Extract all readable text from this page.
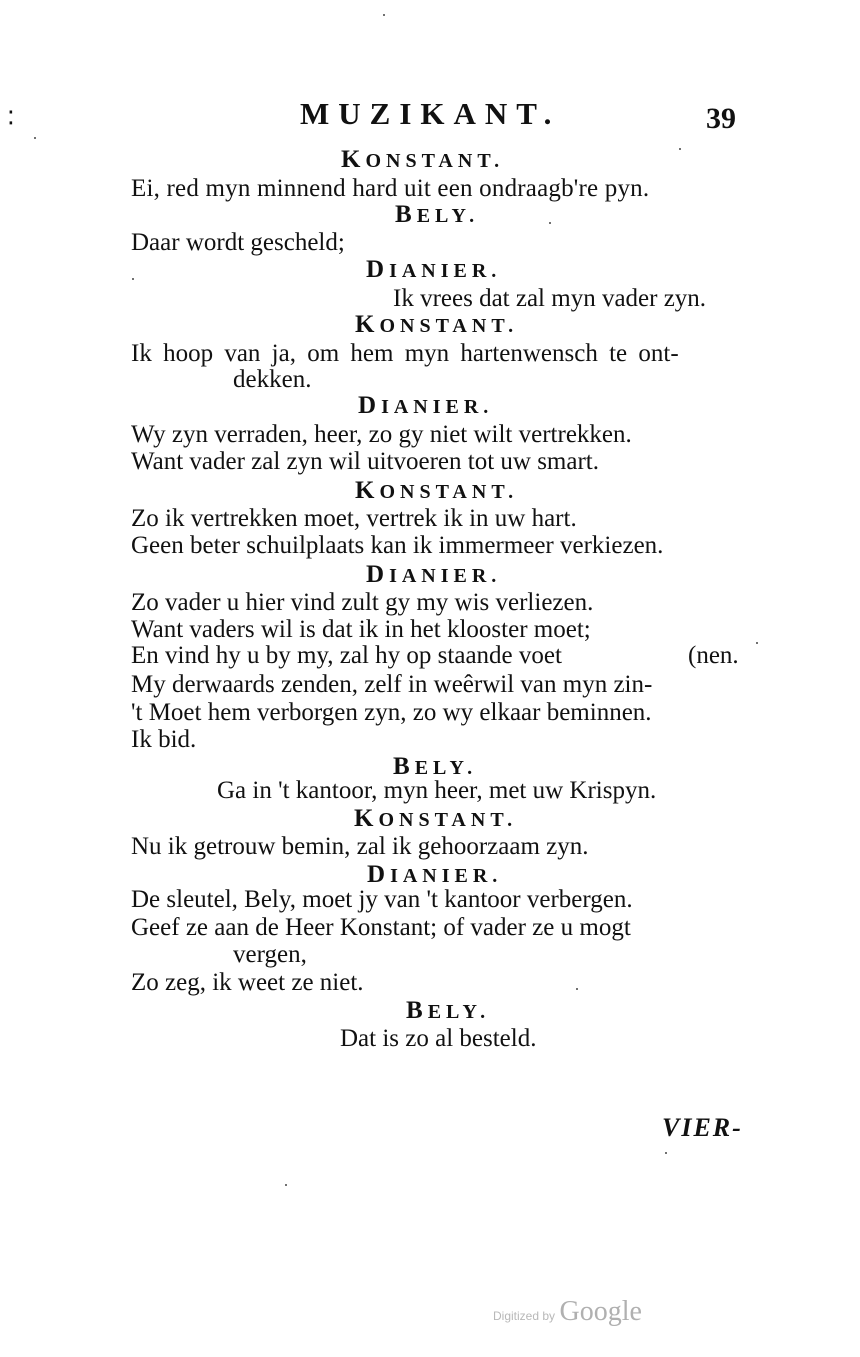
⁚	MUZIKANT.	39
KONSTANT.
Ei, red myn minnend hard uit een ondraagb're pyn.
BELY.
Daar wordt gescheld;
DIANIER.
Ik vrees dat zal myn vader zyn.
KONSTANT.
Ik hoop van ja, om hem myn hartenwensch te ont-
dekken.
DIANIER.
Wy zyn verraden, heer, zo gy niet wilt vertrekken.
Want vader zal zyn wil uitvoeren tot uw smart.
KONSTANT.
Zo ik vertrekken moet, vertrek ik in uw hart.
Geen beter schuilplaats kan ik immermeer verkiezen.
DIANIER.
Zo vader u hier vind zult gy my wis verliezen.
Want vaders wil is dat ik in het klooster moet;
En vind hy u by my, zal hy op staande voet	(nen.
My derwaards zenden, zelf in weêrwil van myn zin-
't Moet hem verborgen zyn, zo wy elkaar beminnen.
Ik bid.
BELY.
Ga in 't kantoor, myn heer, met uw Krispyn.
KONSTANT.
Nu ik getrouw bemin, zal ik gehoorzaam zyn.
DIANIER.
De sleutel, Bely, moet jy van 't kantoor verbergen.
Geef ze aan de Heer Konstant; of vader ze u mogt
vergen,
Zo zeg, ik weet ze niet.
BELY.
Dat is zo al besteld.
VIER-
Digitized by Google
